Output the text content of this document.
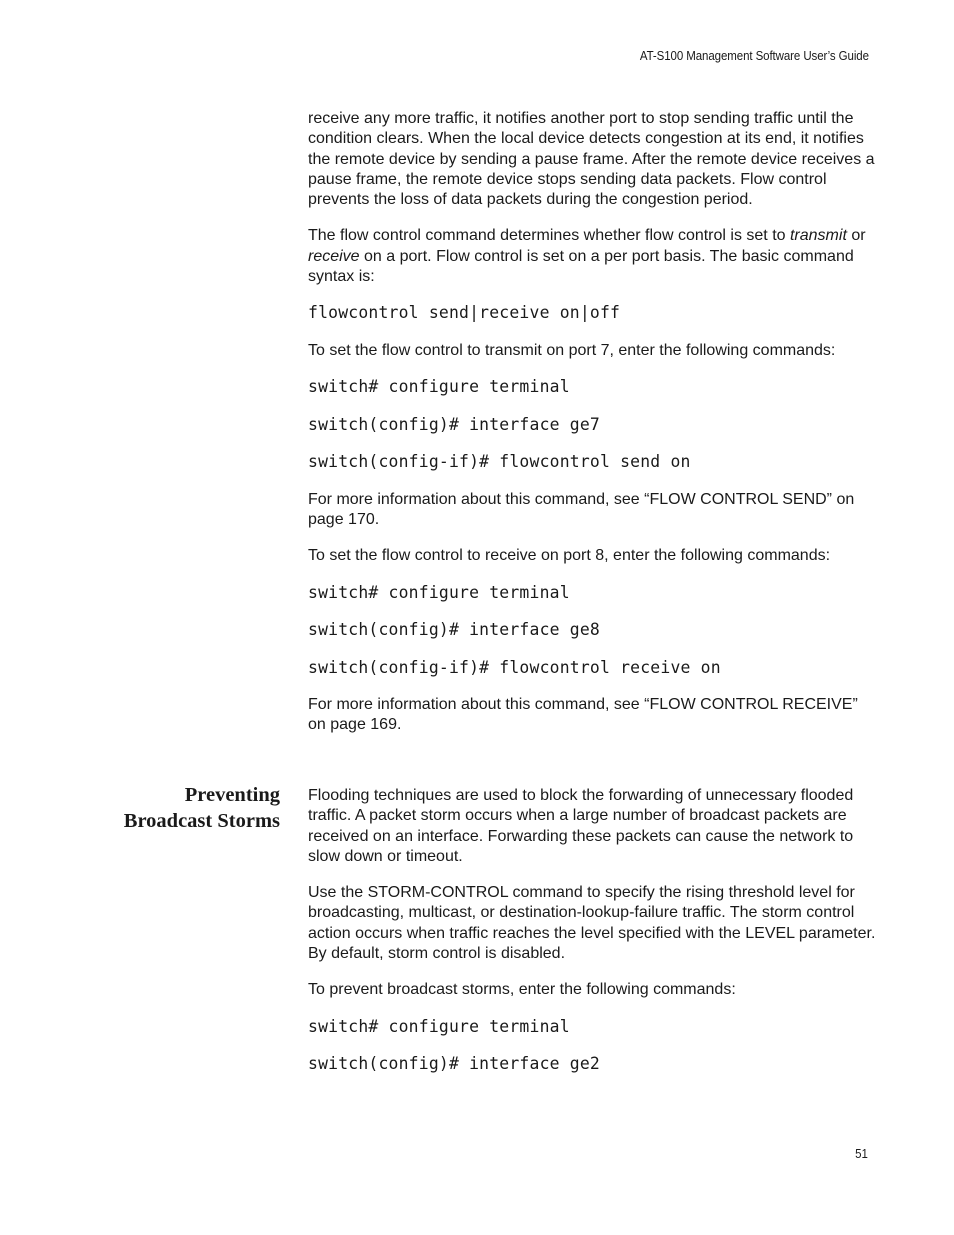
AT-S100 Management Software User’s Guide

receive any more traffic, it notifies another port to stop sending traffic until the condition clears. When the local device detects congestion at its end, it notifies the remote device by sending a pause frame. After the remote device receives a pause frame, the remote device stops sending data packets. Flow control prevents the loss of data packets during the congestion period.

The flow control command determines whether flow control is set to transmit or receive on a port. Flow control is set on a per port basis. The basic command syntax is:

flowcontrol send|receive on|off

To set the flow control to transmit on port 7, enter the following commands:

switch# configure terminal
switch(config)# interface ge7
switch(config-if)# flowcontrol send on

For more information about this command, see “FLOW CONTROL SEND” on page 170.

To set the flow control to receive on port 8, enter the following commands:

switch# configure terminal
switch(config)# interface ge8
switch(config-if)# flowcontrol receive on

For more information about this command, see “FLOW CONTROL RECEIVE” on page 169.

Preventing
Broadcast Storms

Flooding techniques are used to block the forwarding of unnecessary flooded traffic. A packet storm occurs when a large number of broadcast packets are received on an interface. Forwarding these packets can cause the network to slow down or timeout.

Use the STORM-CONTROL command to specify the rising threshold level for broadcasting, multicast, or destination-lookup-failure traffic. The storm control action occurs when traffic reaches the level specified with the LEVEL parameter. By default, storm control is disabled.

To prevent broadcast storms, enter the following commands:

switch# configure terminal
switch(config)# interface ge2
51
